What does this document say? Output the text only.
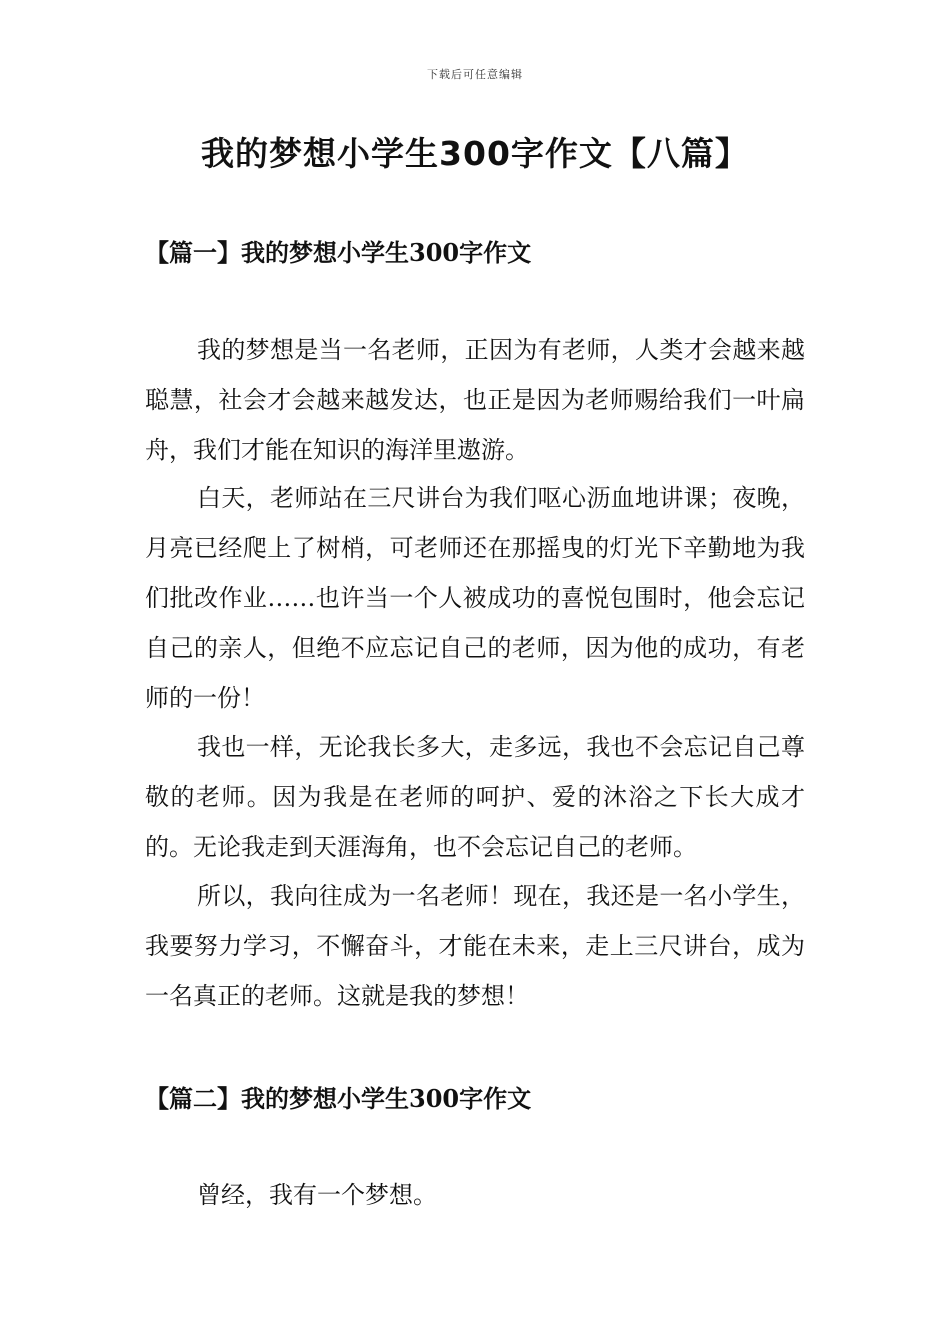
下载后可任意编辑
我的梦想小学生300字作文【八篇】
【篇一】我的梦想小学生300字作文

我的梦想是当一名老师，正因为有老师，人类才会越来越聪慧，社会才会越来越发达，也正是因为老师赐给我们一叶扁舟，我们才能在知识的海洋里遨游。

白天，老师站在三尺讲台为我们呕心沥血地讲课；夜晚，月亮已经爬上了树梢，可老师还在那摇曳的灯光下辛勤地为我们批改作业……也许当一个人被成功的喜悦包围时，他会忘记自己的亲人，但绝不应忘记自己的老师，因为他的成功，有老师的一份！

我也一样，无论我长多大，走多远，我也不会忘记自己尊敬的老师。因为我是在老师的呵护、爱的沐浴之下长大成才的。无论我走到天涯海角，也不会忘记自己的老师。

所以，我向往成为一名老师！现在，我还是一名小学生，我要努力学习，不懈奋斗，才能在未来，走上三尺讲台，成为一名真正的老师。这就是我的梦想！

【篇二】我的梦想小学生300字作文

曾经，我有一个梦想。
